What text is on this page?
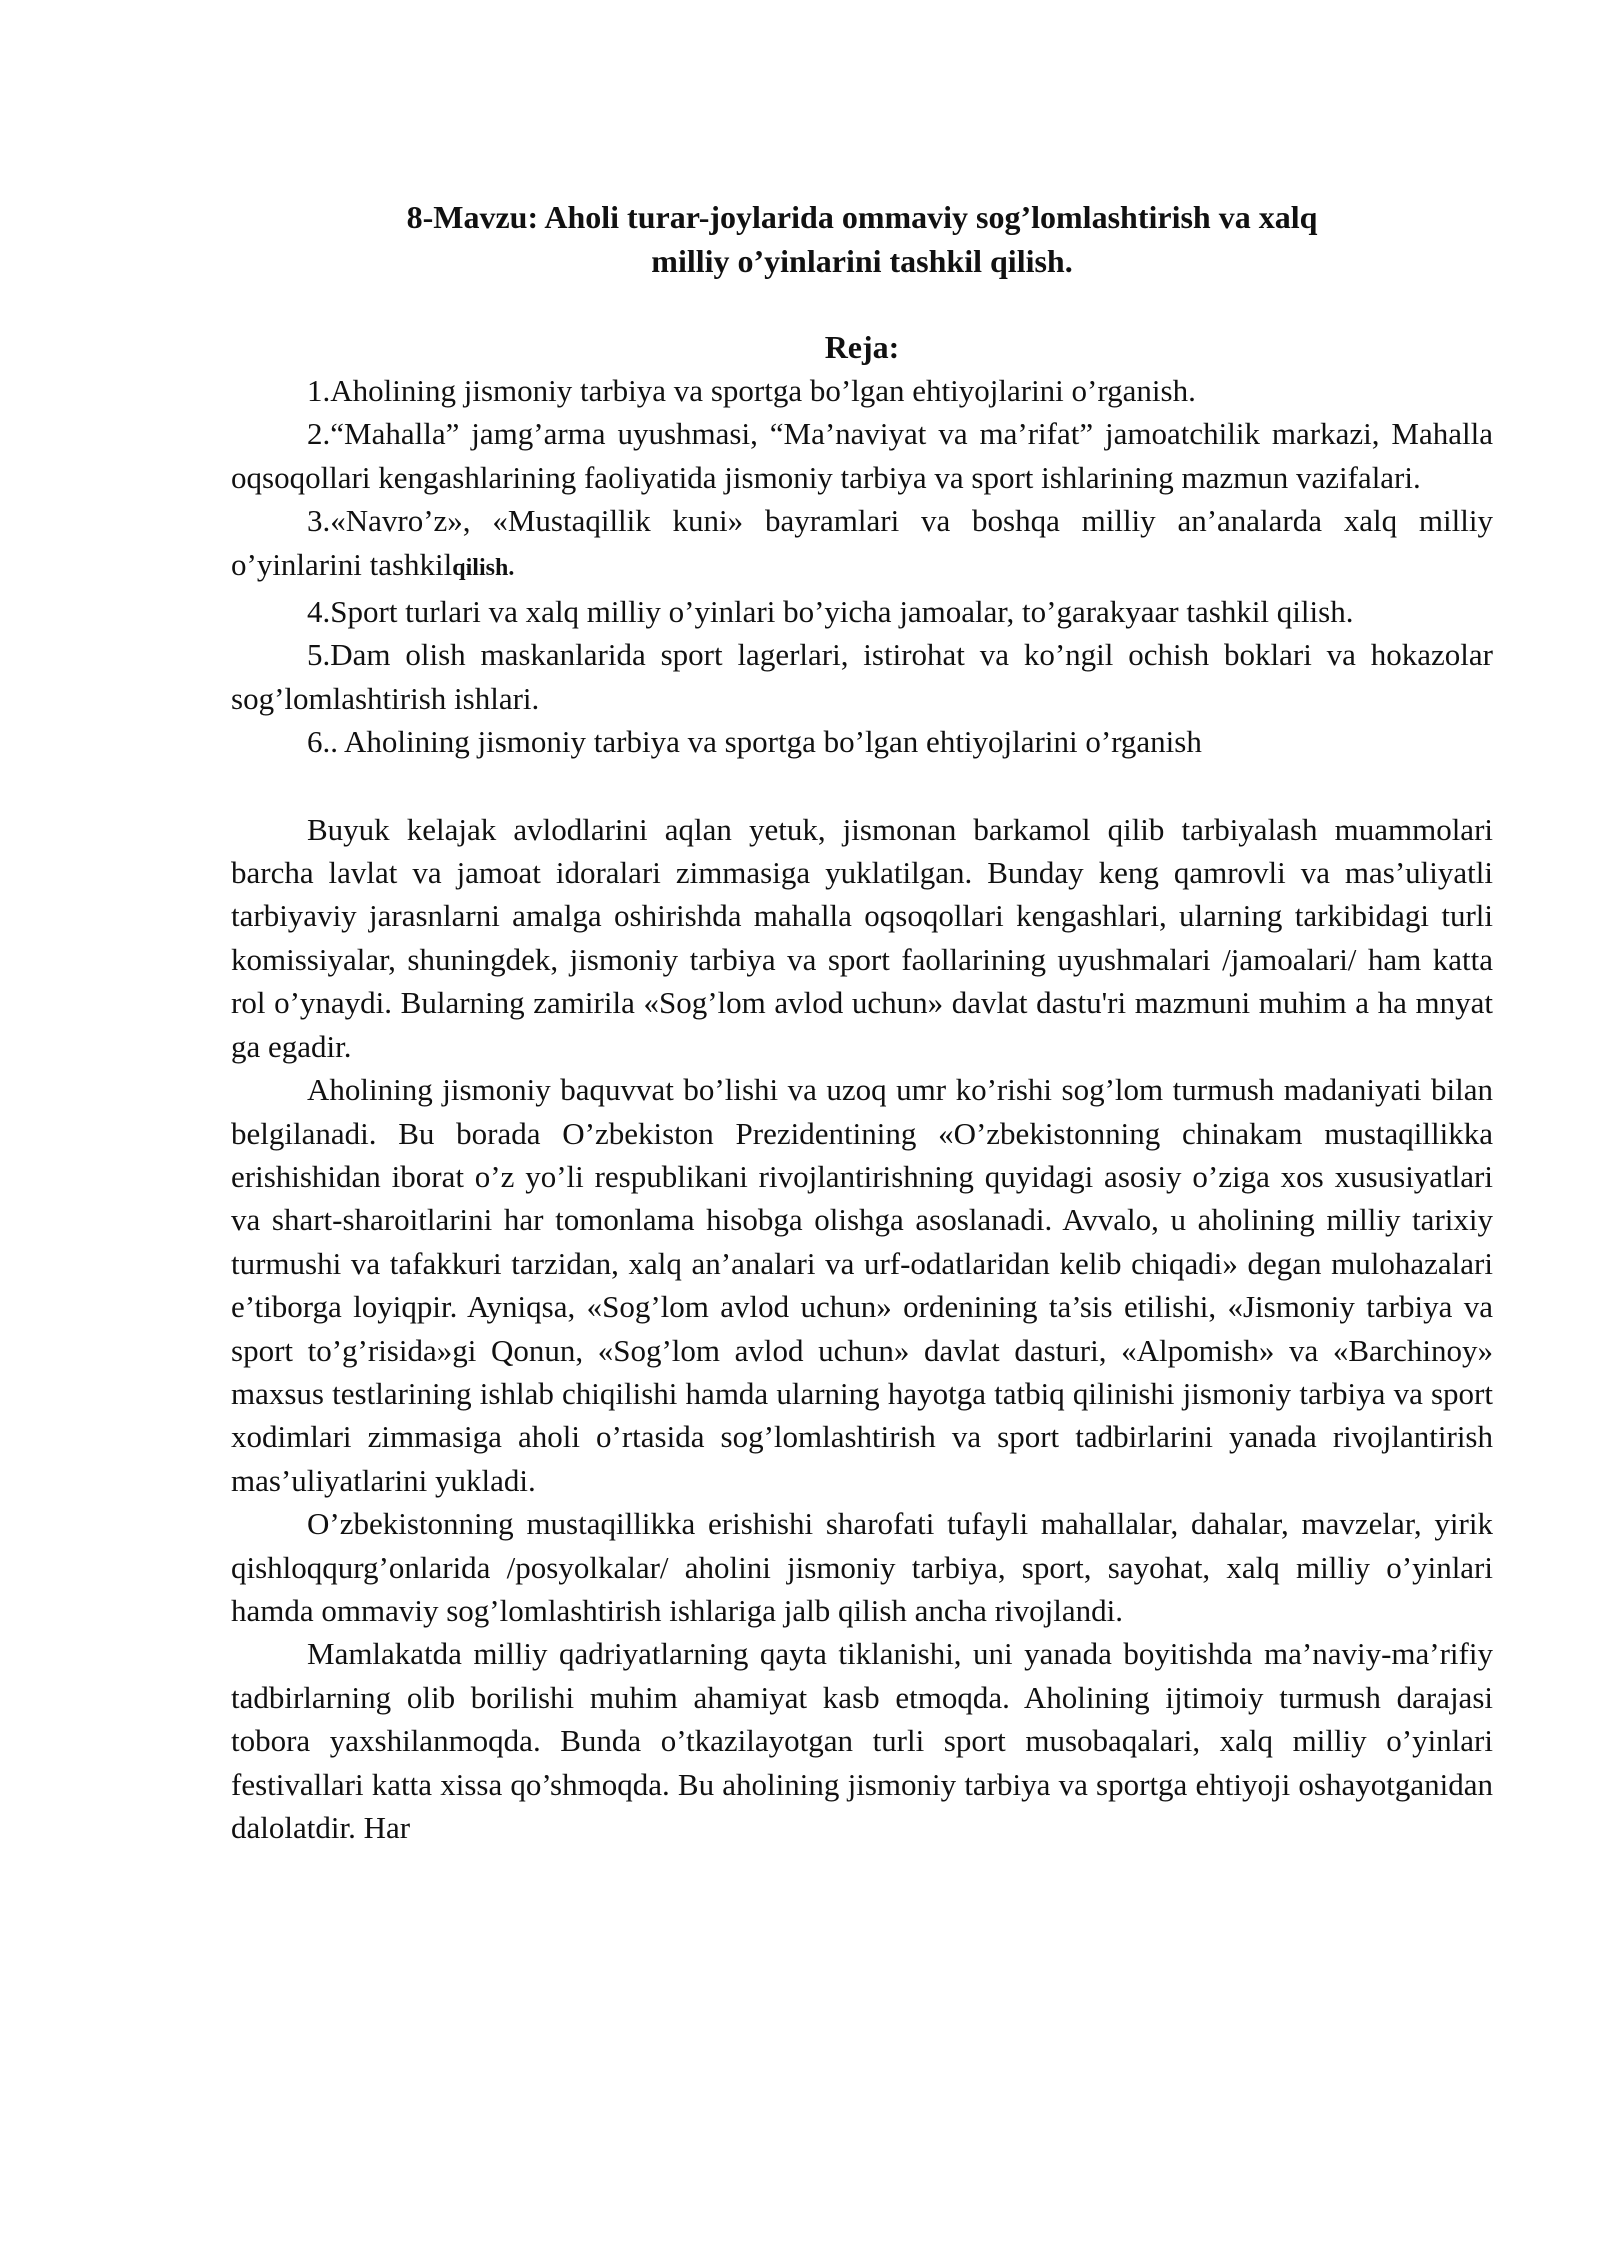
8-Mavzu: Aholi turar-joylarida ommaviy sog’lomlashtirish va xalq
milliy o’yinlarini tashkil qilish.
Reja:

1.Aholining jismoniy tarbiya va sportga bo’lgan ehtiyojlarini o’rganish.

2.“Mahalla” jamg’arma uyushmasi, “Ma’naviyat va ma’rifat” jamoatchilik markazi, Mahalla oqsoqollari kengashlarining faoliyatida jismoniy tarbiya va sport ishlarining mazmun vazifalari.

3.«Navro’z», «Mustaqillik kuni» bayramlari va boshqa milliy an’analarda xalq milliy o’yinlarini tashkilqilish.

4.Sport turlari va xalq milliy o’yinlari bo’yicha jamoalar, to’garakyaar tashkil qilish.

5.Dam olish maskanlarida sport lagerlari, istirohat va ko’ngil ochish boklari va hokazolar sog’lomlashtirish ishlari.

6.. Aholining jismoniy tarbiya va sportga bo’lgan ehtiyojlarini o’rganish

Buyuk kelajak avlodlarini aqlan yetuk, jismonan barkamol qilib tarbiyalash muammolari barcha lavlat va jamoat idoralari zimmasiga yuklatilgan. Bunday keng qamrovli va mas’uliyatli tarbiyaviy jarasnlarni amalga oshirishda mahalla oqsoqollari kengashlari, ularning tarkibidagi turli komissiyalar, shuningdek, jismoniy tarbiya va sport faollarining uyushmalari /jamoalari/ ham katta rol o’ynaydi. Bularning zamirila «Sog’lom avlod uchun» davlat dastu'ri mazmuni muhim a ha mnyat ga egadir.

Aholining jismoniy baquvvat bo’lishi va uzoq umr ko’rishi sog’lom turmush madaniyati bilan belgilanadi. Bu borada O’zbekiston Prezidentining «O’zbekistonning chinakam mustaqillikka erishishidan iborat o’z yo’li respublikani rivojlantirishning quyidagi asosiy o’ziga xos xususiyatlari va shart-sharoitlarini har tomonlama hisobga olishga asoslanadi. Avvalo, u aholining milliy tarixiy turmushi va tafakkuri tarzidan, xalq an’analari va urf-odatlaridan kelib chiqadi» degan mulohazalari e’tiborga loyiqpir. Ayniqsa, «Sog’lom avlod uchun» ordenining ta’sis etilishi, «Jismoniy tarbiya va sport to’g’risida»gi Qonun, «Sog’lom avlod uchun» davlat dasturi, «Alpomish» va «Barchinoy» maxsus testlarining ishlab chiqilishi hamda ularning hayotga tatbiq qilinishi jismoniy tarbiya va sport xodimlari zimmasiga aholi o’rtasida sog’lomlashtirish va sport tadbirlarini yanada rivojlantirish mas’uliyatlarini yukladi.

O’zbekistonning mustaqillikka erishishi sharofati tufayli mahallalar, dahalar, mavzelar, yirik qishloqqurg’onlarida /posyolkalar/ aholini jismoniy tarbiya, sport, sayohat, xalq milliy o’yinlari hamda ommaviy sog’lomlashtirish ishlariga jalb qilish ancha rivojlandi.

Mamlakatda milliy qadriyatlarning qayta tiklanishi, uni yanada boyitishda ma’naviy-ma’rifiy tadbirlarning olib borilishi muhim ahamiyat kasb etmoqda. Aholining ijtimoiy turmush darajasi tobora yaxshilanmoqda. Bunda o’tkazilayotgan turli sport musobaqalari, xalq milliy o’yinlari festivallari katta xissa qo’shmoqda. Bu aholining jismoniy tarbiya va sportga ehtiyoji oshayotganidan dalolatdir. Har
